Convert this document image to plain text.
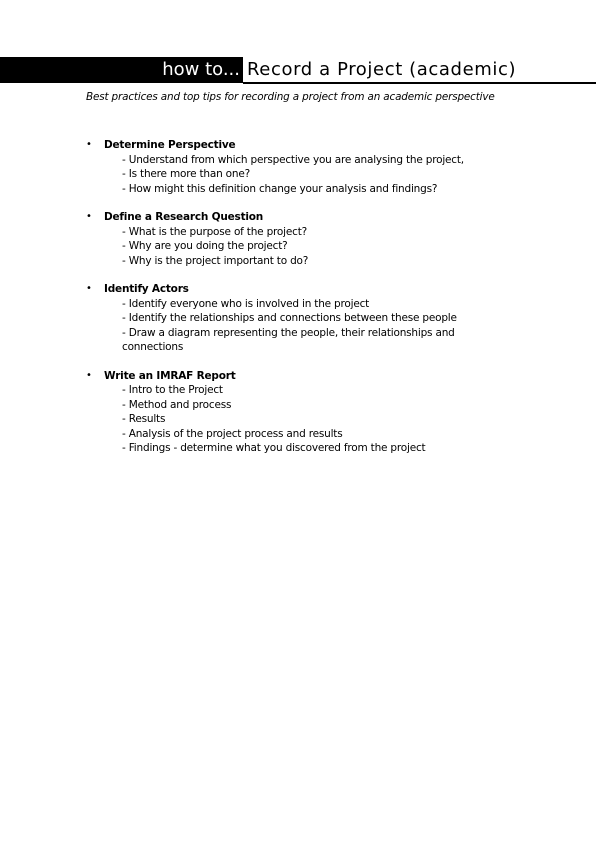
how to... Record a Project (academic)
Best practices and top tips for recording a project from an academic perspective
• Determine Perspective
- Understand from which perspective you are analysing the project,
- Is there more than one?
- How might this definition change your analysis and findings?
• Define a Research Question
- What is the purpose of the project?
- Why are you doing the project?
- Why is the project important to do?
• Identify Actors
- Identify everyone who is involved in the project
- Identify the relationships and connections between these people
- Draw a diagram representing the people, their relationships and connections
• Write an IMRAF Report
- Intro to the Project
- Method and process
- Results
- Analysis of the project process and results
- Findings - determine what you discovered from the project
